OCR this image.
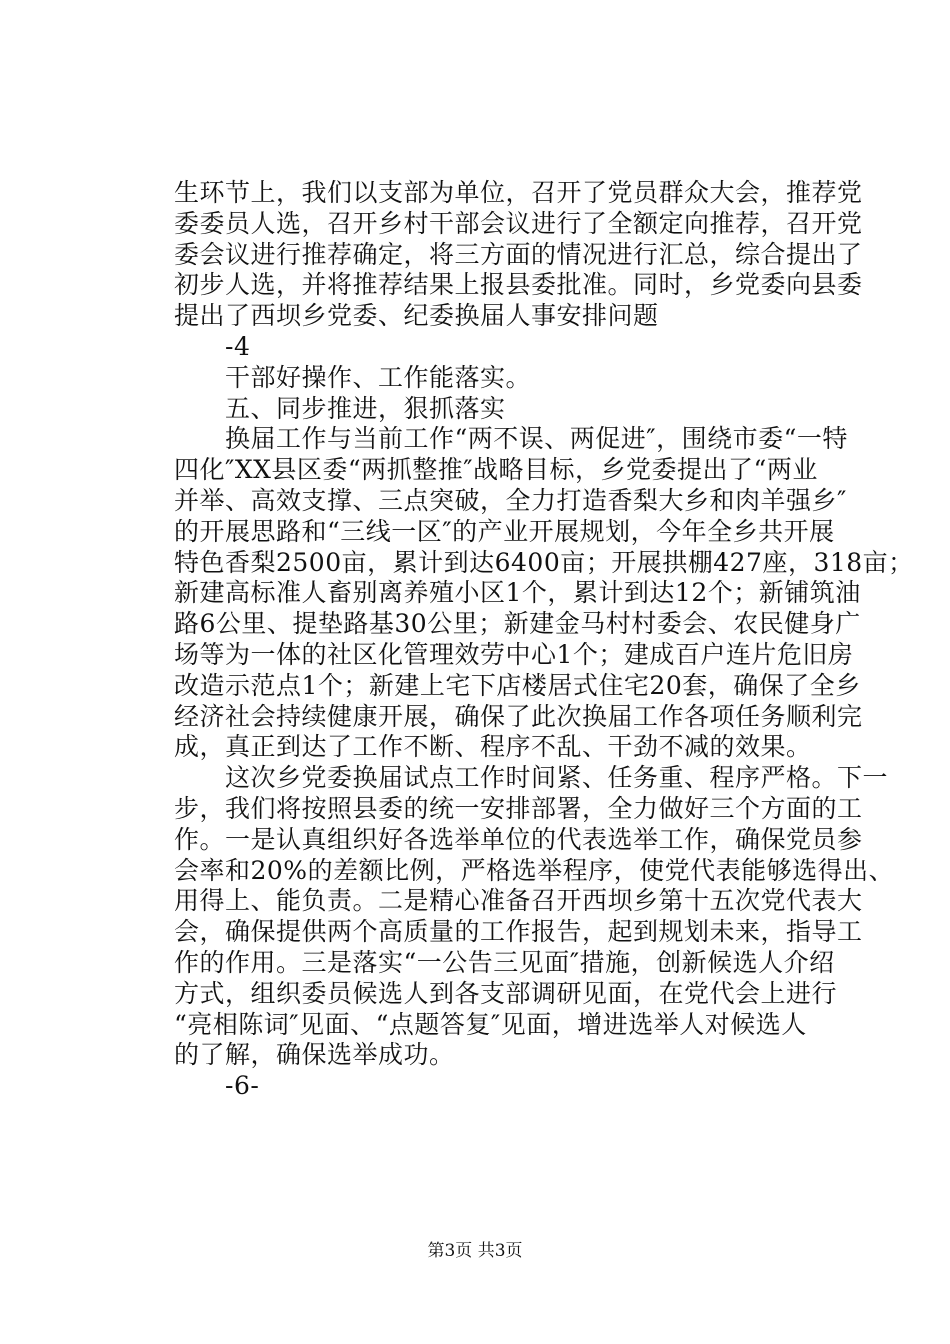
生环节上，我们以支部为单位，召开了党员群众大会，推荐党
委委员人选，召开乡村干部会议进行了全额定向推荐，召开党
委会议进行推荐确定，将三方面的情况进行汇总，综合提出了
初步人选，并将推荐结果上报县委批准。同时，乡党委向县委
提出了西坝乡党委、纪委换届人事安排问题
　　-4
　　干部好操作、工作能落实。
　　五、同步推进，狠抓落实
　　换届工作与当前工作“两不误、两促进″，围绕市委“一特
四化″XX县区委“两抓整推″战略目标，乡党委提出了“两业
并举、高效支撑、三点突破，全力打造香梨大乡和肉羊强乡″
的开展思路和“三线一区″的产业开展规划，今年全乡共开展
特色香梨2500亩，累计到达6400亩；开展拱棚427座，318亩；
新建高标准人畜别离养殖小区1个，累计到达12个；新铺筑油
路6公里、提垫路基30公里；新建金马村村委会、农民健身广
场等为一体的社区化管理效劳中心1个；建成百户连片危旧房
改造示范点1个；新建上宅下店楼居式住宅20套，确保了全乡
经济社会持续健康开展，确保了此次换届工作各项任务顺利完
成，真正到达了工作不断、程序不乱、干劲不减的效果。
　　这次乡党委换届试点工作时间紧、任务重、程序严格。下一
步，我们将按照县委的统一安排部署，全力做好三个方面的工
作。一是认真组织好各选举单位的代表选举工作，确保党员参
会率和20%的差额比例，严格选举程序，使党代表能够选得出、
用得上、能负责。二是精心准备召开西坝乡第十五次党代表大
会，确保提供两个高质量的工作报告，起到规划未来，指导工
作的作用。三是落实“一公告三见面″措施，创新候选人介绍
方式，组织委员候选人到各支部调研见面，在党代会上进行
“亮相陈词″见面、“点题答复″见面，增进选举人对候选人
的了解，确保选举成功。
　　-6-
第3页 共3页
